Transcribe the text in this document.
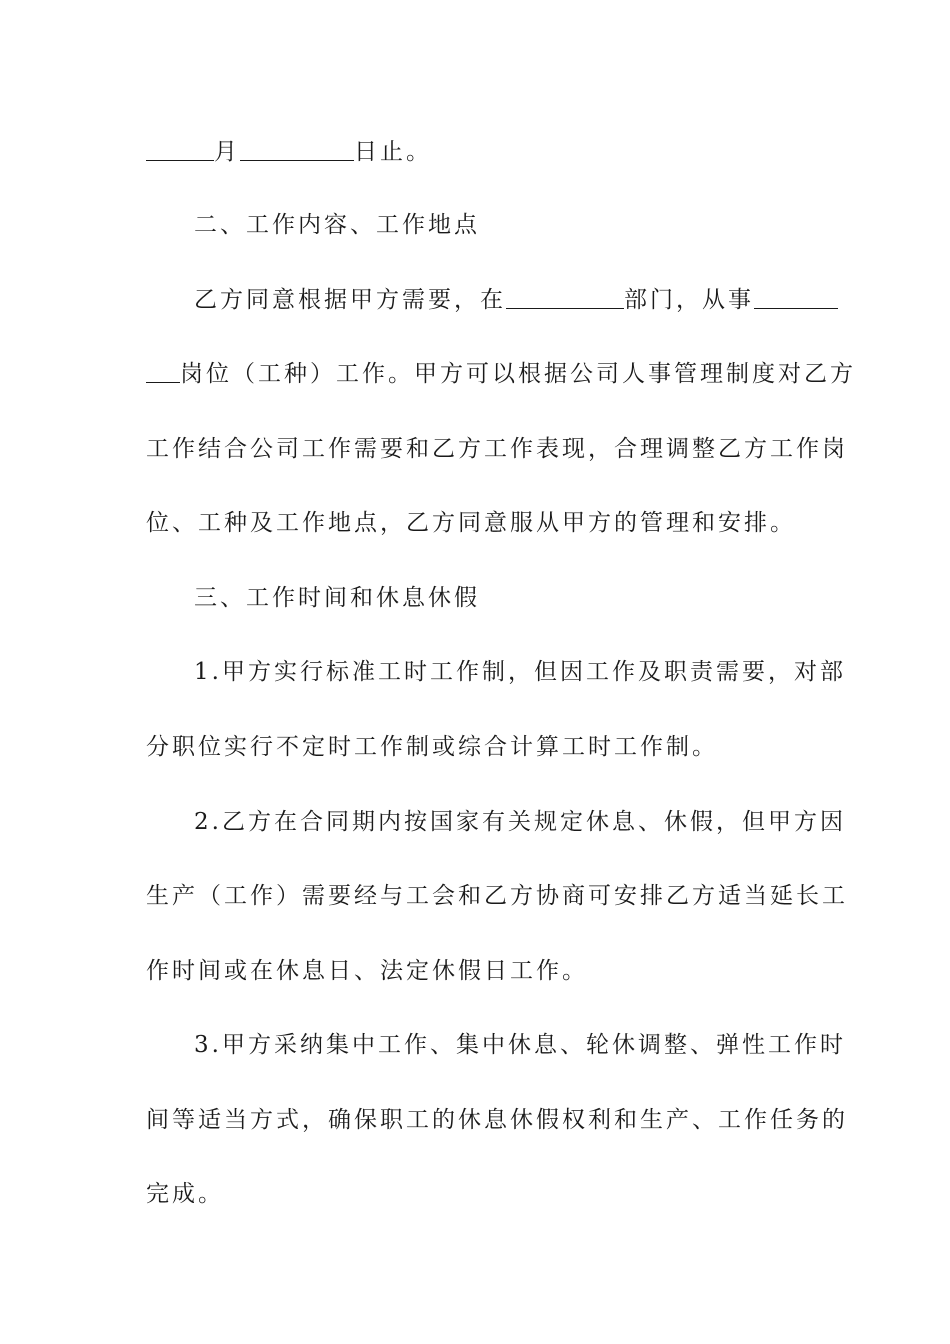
月	日止。
二、工作内容、工作地点
乙方同意根据甲方需要，在	部门，从事
岗位（工种）工作。甲方可以根据公司人事管理制度对乙方
工作结合公司工作需要和乙方工作表现，合理调整乙方工作岗
位、工种及工作地点，乙方同意服从甲方的管理和安排。
三、工作时间和休息休假
1.甲方实行标准工时工作制，但因工作及职责需要，对部
分职位实行不定时工作制或综合计算工时工作制。
2.乙方在合同期内按国家有关规定休息、休假，但甲方因
生产（工作）需要经与工会和乙方协商可安排乙方适当延长工
作时间或在休息日、法定休假日工作。
3.甲方采纳集中工作、集中休息、轮休调整、弹性工作时
间等适当方式，确保职工的休息休假权利和生产、工作任务的
完成。
